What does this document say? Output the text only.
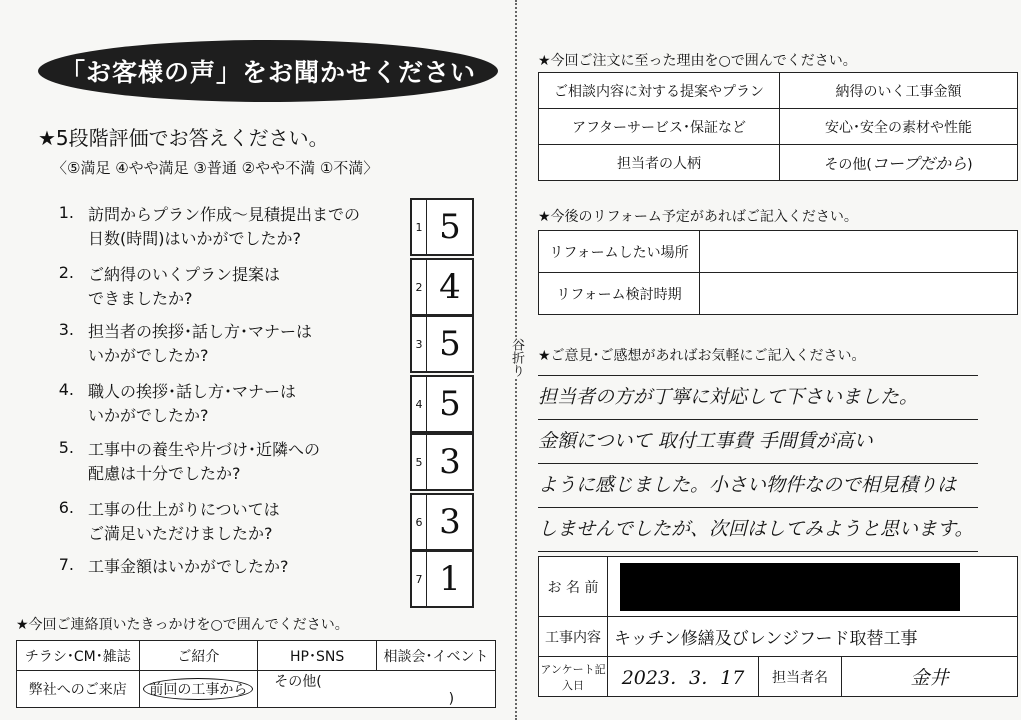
谷折り
「お客様の声」をお聞かせください
★5段階評価でお答えください。
〈⑤満足 ④やや満足 ③普通 ②やや不満 ①不満〉
1. 訪問からプラン作成～見積提出までの
日数(時間)はいかがでしたか?
1 5
2. ご納得のいくプラン提案は
できましたか?
2 4
3. 担当者の挨拶･話し方･マナーは
いかがでしたか?
3 5
4. 職人の挨拶･話し方･マナーは
いかがでしたか?
4 5
5. 工事中の養生や片づけ･近隣への
配慮は十分でしたか?
5 3
6. 工事の仕上がりについては
ご満足いただけましたか?
6 3
7. 工事金額はいかがでしたか?
7 1
★今回ご連絡頂いたきっかけを○で囲んでください。
チラシ･CM･雑誌	ご紹介	HP･SNS	相談会･イベント
弊社へのご来店	前回の工事から	その他(  )	
★今回ご注文に至った理由を○で囲んでください。
ご相談内容に対する提案やプラン	納得のいく工事金額
アフターサービス･保証など	安心･安全の素材や性能
担当者の人柄	その他(コープだから)
★今後のリフォーム予定があればご記入ください。
リフォームしたい場所	
リフォーム検討時期	
★ご意見･ご感想があればお気軽にご記入ください。
担当者の方が丁寧に対応して下さいました。
金額について 取付工事費 手間賃が高い
ように感じました。小さい物件なので相見積りは
しませんでしたが、次回はしてみようと思います。
お 名 前			

工事内容	キッチン修繕及びレンジフード取替工事		
アンケート記入日	2023．3．17	担当者名	金井
